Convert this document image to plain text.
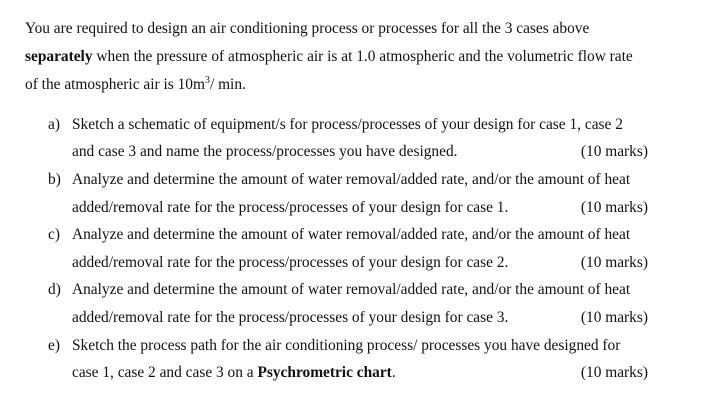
You are required to design an air conditioning process or processes for all the 3 cases above
separately when the pressure of atmospheric air is at 1.0 atmospheric and the volumetric flow rate
of the atmospheric air is $10m^3/$ min.
a) Sketch a schematic of equipment/s for process/processes of your design for case 1, case 2
and case 3 and name the process/processes you have designed.	(10 marks)
b) Analyze and determine the amount of water removal/added rate, and/or the amount of heat
added/removal rate for the process/processes of your design for case 1.	(10 marks)
c) Analyze and determine the amount of water removal/added rate, and/or the amount of heat
added/removal rate for the process/processes of your design for case 2.	(10 marks)
d) Analyze and determine the amount of water removal/added rate, and/or the amount of heat
added/removal rate for the process/processes of your design for case 3.	(10 marks)
e) Sketch the process path for the air conditioning process/ processes you have designed for
case 1, case 2 and case 3 on a Psychrometric chart.	(10 marks)
